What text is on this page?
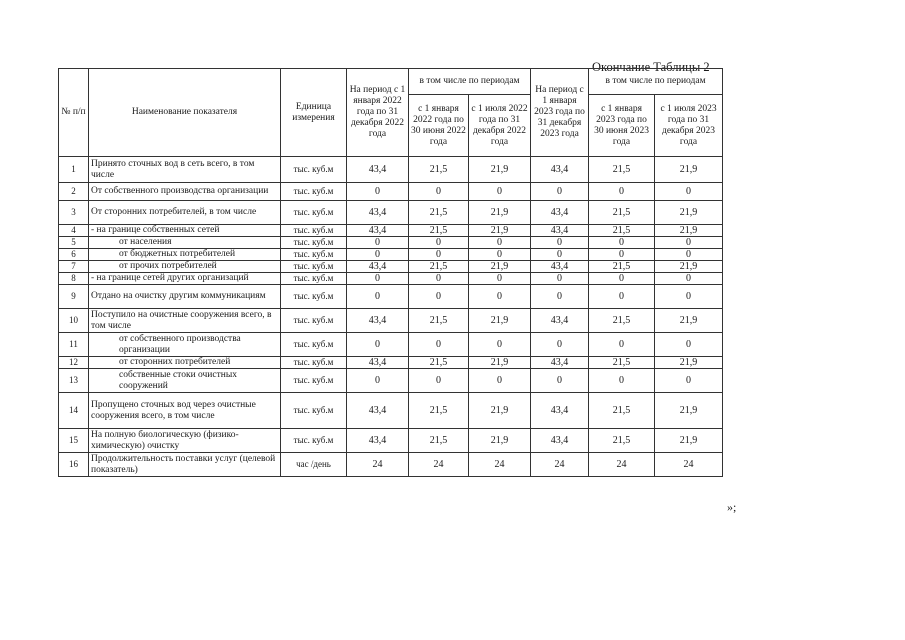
Окончание Таблицы 2
№ п/п	Наименование показателя	Единица измерения	На период с 1 января 2022 года по 31 декабря 2022 года	в том числе по периодам		На период с 1 января 2023 года по 31 декабря 2023 года	в том числе по периодам	
				с 1 января 2022 года по 30 июня 2022 года	с 1 июля 2022 года по 31 декабря 2022 года		с 1 января 2023 года по 30 июня 2023 года	с 1 июля 2023 года по 31 декабря 2023 года
1	Принято сточных вод в сеть всего, в том числе	тыс. куб.м	43,4	21,5	21,9	43,4	21,5	21,9
2	От собственного производства организации	тыс. куб.м	0	0	0	0	0	0
3	От сторонних потребителей, в том числе	тыс. куб.м	43,4	21,5	21,9	43,4	21,5	21,9
4	- на границе собственных сетей	тыс. куб.м	43,4	21,5	21,9	43,4	21,5	21,9
5	от населения	тыс. куб.м	0	0	0	0	0	0
6	от бюджетных потребителей	тыс. куб.м	0	0	0	0	0	0
7	от прочих потребителей	тыс. куб.м	43,4	21,5	21,9	43,4	21,5	21,9
8	- на границе сетей других организаций	тыс. куб.м	0	0	0	0	0	0
9	Отдано на очистку другим коммуникациям	тыс. куб.м	0	0	0	0	0	0
10	Поступило на очистные сооружения всего, в том числе	тыс. куб.м	43,4	21,5	21,9	43,4	21,5	21,9
11	от собственного производства организации	тыс. куб.м	0	0	0	0	0	0
12	от сторонних потребителей	тыс. куб.м	43,4	21,5	21,9	43,4	21,5	21,9
13	собственные стоки очистных сооружений	тыс. куб.м	0	0	0	0	0	0
14	Пропущено сточных вод через очистные сооружения всего, в том числе	тыс. куб.м	43,4	21,5	21,9	43,4	21,5	21,9
15	На полную биологическую (физико-химическую) очистку	тыс. куб.м	43,4	21,5	21,9	43,4	21,5	21,9
16	Продолжительность поставки услуг (целевой показатель)	час /день	24	24	24	24	24	24
»;
